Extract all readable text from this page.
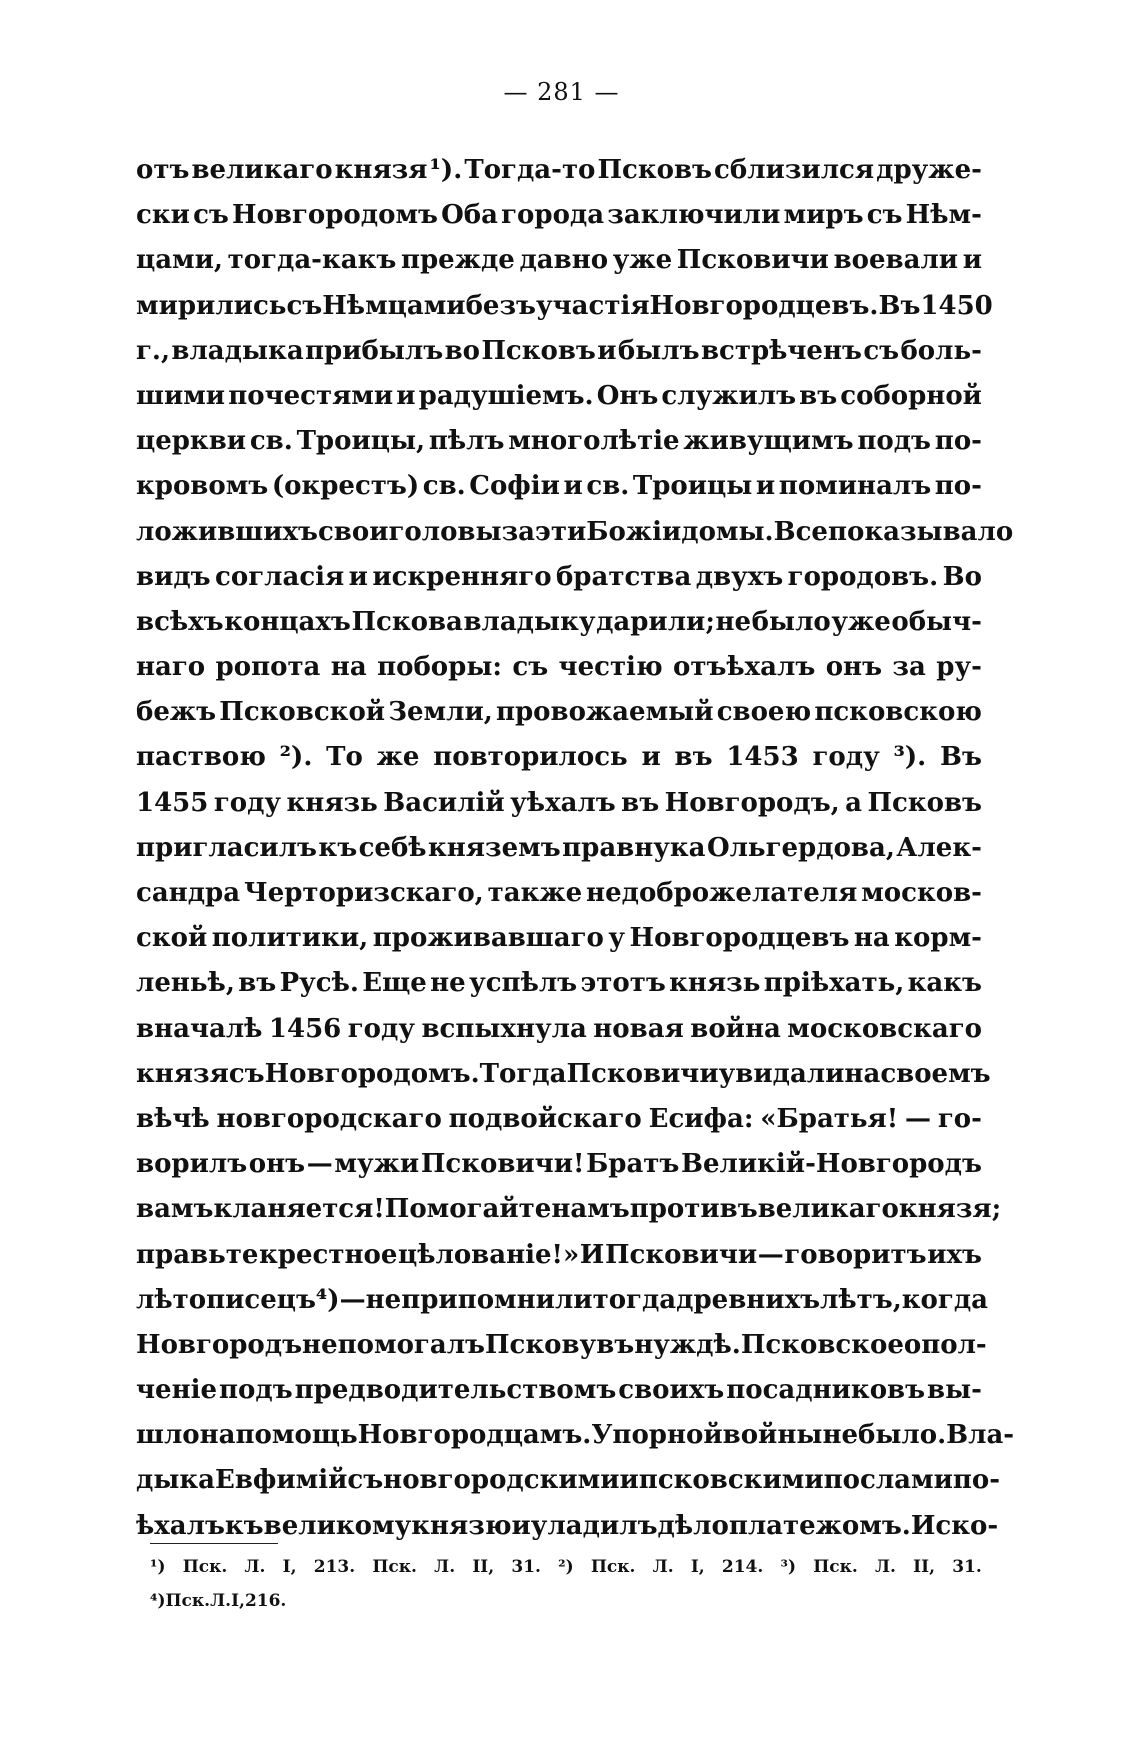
— 281 —
отъ великаго князя ¹). Тогда-то Псковъ сблизился друже-
ски съ Новгородомъ Оба города заключили миръ съ Нѣм-
цами, тогда-какъ прежде давно уже Псковичи воевали и
мирились съ Нѣмцами безъ участія Новгородцевъ. Въ 1450
г., владыка прибылъ во Псковъ и былъ встрѣченъ съ боль-
шими почестями и радушіемъ. Онъ служилъ въ соборной
церкви св. Троицы, пѣлъ многолѣтіе живущимъ подъ по-
кровомъ (окрестъ) св. Софіи и св. Троицы и поминалъ по-
ложившихъ свои головы за эти Божіи домы. Все показывало
видъ согласія и искренняго братства двухъ городовъ. Во
всѣхъ концахъ Пскова владыку дарили; не было уже обыч-
наго ропота на поборы: съ честію отъѣхалъ онъ за ру-
бежъ Псковской Земли, провожаемый своею псковскою
паствою ²). То же повторилось и въ 1453 году ³). Въ
1455 году князь Василій уѣхалъ въ Новгородъ, а Псковъ
пригласилъ къ себѣ княземъ правнука Ольгердова, Алек-
сандра Черторизскаго, также недоброжелателя москов-
ской политики, проживавшаго у Новгородцевъ на корм-
леньѣ, въ Русѣ. Еще не успѣлъ этотъ князь пріѣхать, какъ
вначалѣ 1456 году вспыхнула новая война московскаго
князя съ Новгородомъ. Тогда Псковичи увидали на своемъ
вѣчѣ новгородскаго подвойскаго Есифа: «Братья! — го-
ворилъ онъ — мужи Псковичи! Братъ Великій-Новгородъ
вамъ кланяется! Помогайте намъ противъ великаго князя;
правьте крестное цѣлованіе!» И Псковичи — говоритъ ихъ
лѣтописецъ⁴) — не припомнили тогда древнихъ лѣтъ, когда
Новгородъ не помогалъ Пскову въ нуждѣ. Псковское опол-
ченіе подъ предводительствомъ своихъ посадниковъ вы-
шло на помощь Новгородцамъ. Упорной войны не было. Вла-
дыка Евфимій съ новгородскими и псковскими послами по-
ѣхалъ къ великому князю и уладилъ дѣло платежомъ. Иско-
¹) Пск. Л. I, 213. Пск. Л. II, 31. ²) Пск. Л. I, 214. ³) Пск. Л. II, 31.
⁴) Пск. Л. I, 216.
